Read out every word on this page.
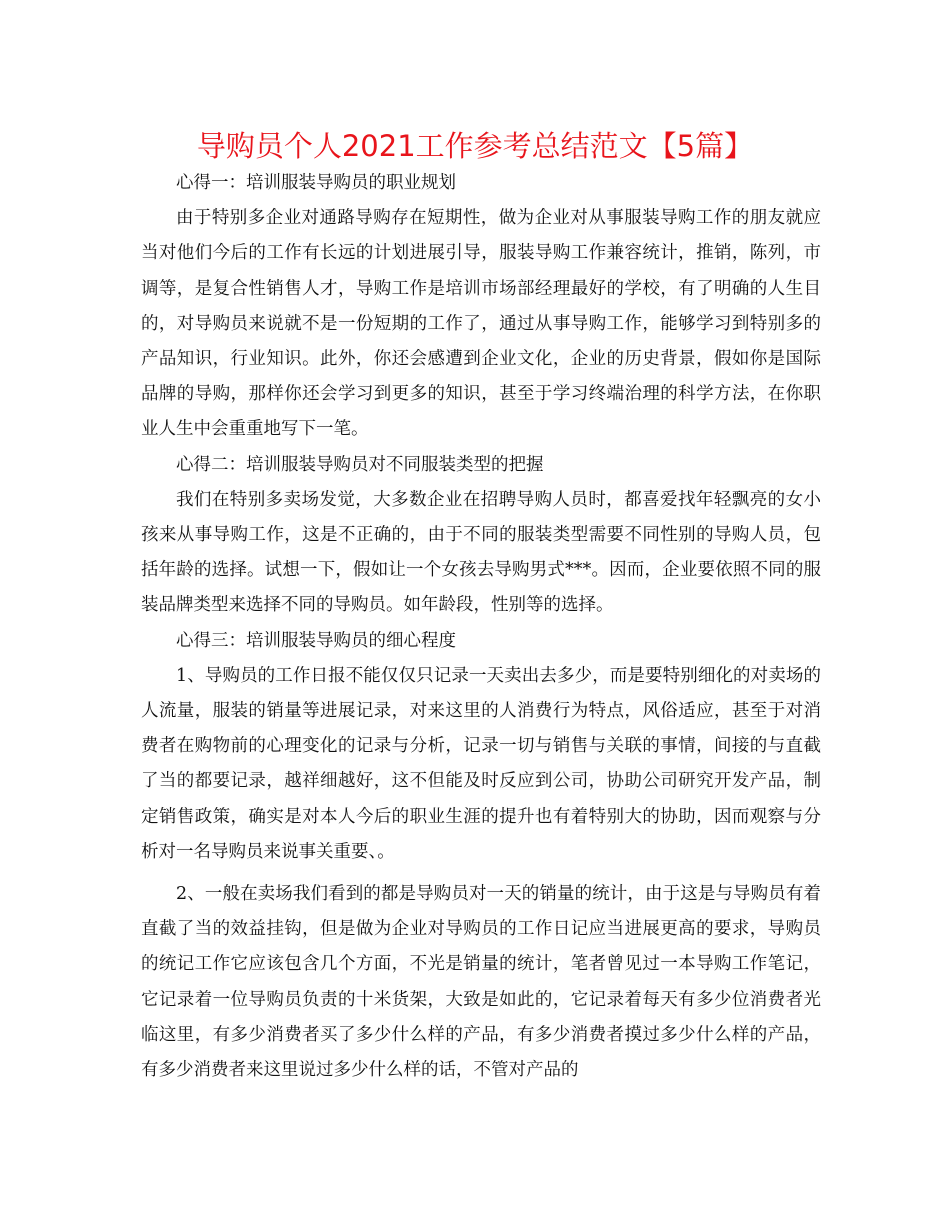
导购员个人2021工作参考总结范文【5篇】

心得一：培训服装导购员的职业规划

由于特别多企业对通路导购存在短期性，做为企业对从事服装导购工作的朋友就应当对他们今后的工作有长远的计划进展引导，服装导购工作兼容统计，推销，陈列，市调等，是复合性销售人才，导购工作是培训市场部经理最好的学校，有了明确的人生目的，对导购员来说就不是一份短期的工作了，通过从事导购工作，能够学习到特别多的产品知识，行业知识。此外，你还会感遭到企业文化，企业的历史背景，假如你是国际品牌的导购，那样你还会学习到更多的知识，甚至于学习终端治理的科学方法，在你职业人生中会重重地写下一笔。

心得二：培训服装导购员对不同服装类型的把握

我们在特别多卖场发觉，大多数企业在招聘导购人员时，都喜爱找年轻飘亮的女小孩来从事导购工作，这是不正确的，由于不同的服装类型需要不同性别的导购人员，包括年龄的选择。试想一下，假如让一个女孩去导购男式***。因而，企业要依照不同的服装品牌类型来选择不同的导购员。如年龄段，性别等的选择。

心得三：培训服装导购员的细心程度

1、导购员的工作日报不能仅仅只记录一天卖出去多少，而是要特别细化的对卖场的人流量，服装的销量等进展记录，对来这里的人消费行为特点，风俗适应，甚至于对消费者在购物前的心理变化的记录与分析，记录一切与销售与关联的事情，间接的与直截了当的都要记录，越祥细越好，这不但能及时反应到公司，协助公司研究开发产品，制定销售政策，确实是对本人今后的职业生涯的提升也有着特别大的协助，因而观察与分析对一名导购员来说事关重要、。

2、一般在卖场我们看到的都是导购员对一天的销量的统计，由于这是与导购员有着直截了当的效益挂钩，但是做为企业对导购员的工作日记应当进展更高的要求，导购员的统记工作它应该包含几个方面，不光是销量的统计，笔者曾见过一本导购工作笔记，它记录着一位导购员负责的十米货架，大致是如此的，它记录着每天有多少位消费者光临这里，有多少消费者买了多少什么样的产品，有多少消费者摸过多少什么样的产品，有多少消费者来这里说过多少什么样的话，不管对产品的
